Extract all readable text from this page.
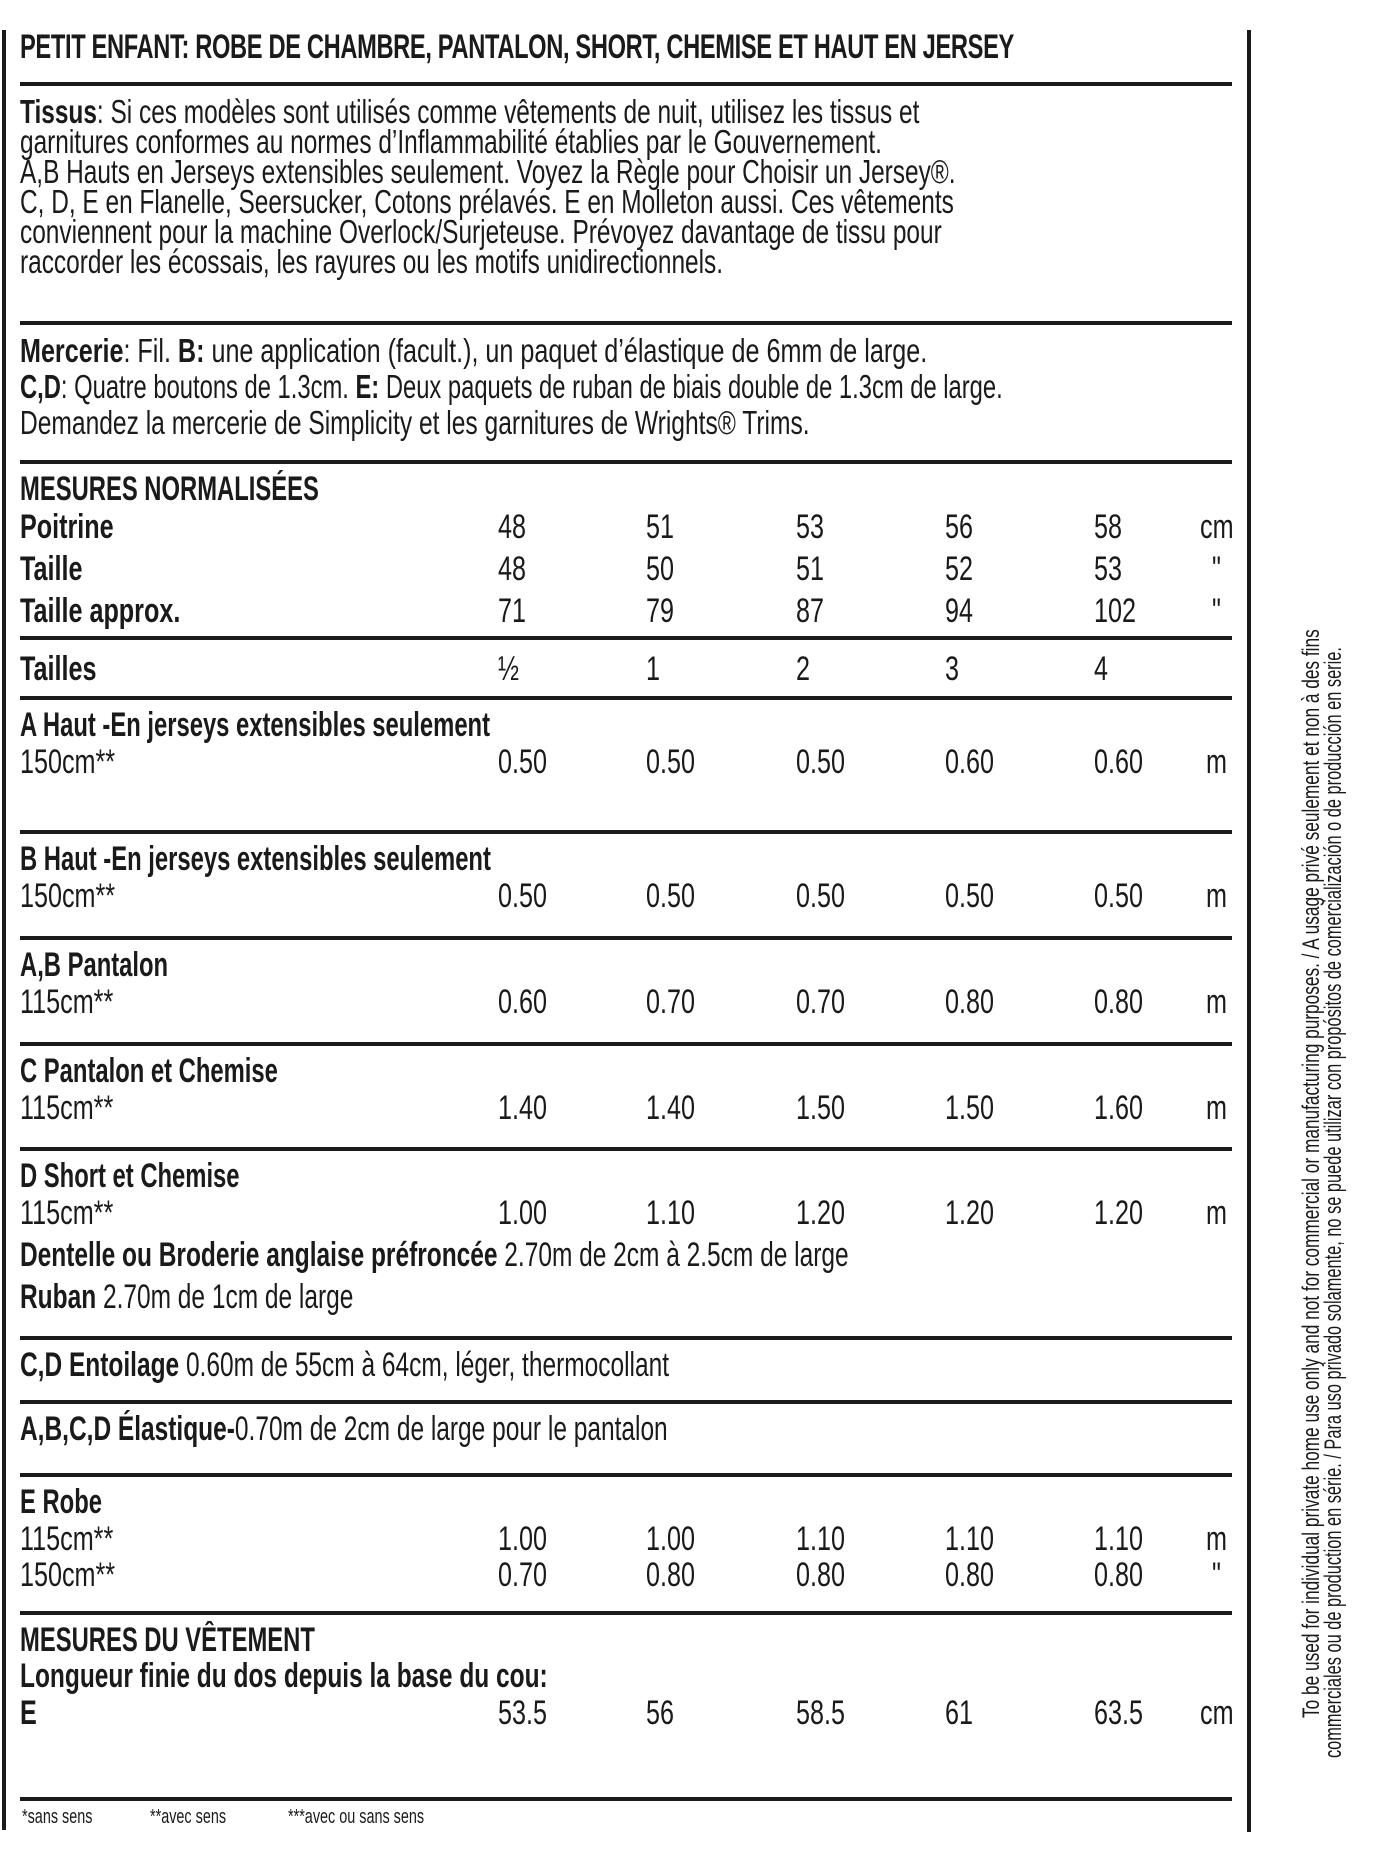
PETIT ENFANT: ROBE DE CHAMBRE, PANTALON, SHORT, CHEMISE ET HAUT EN JERSEY
Tissus: Si ces modèles sont utilisés comme vêtements de nuit, utilisez les tissus et
garnitures conformes au normes d’Inflammabilité établies par le Gouvernement.
A,B Hauts en Jerseys extensibles seulement. Voyez la Règle pour Choisir un Jersey®.
C, D, E en Flanelle, Seersucker, Cotons prélavés. E en Molleton aussi. Ces vêtements
conviennent pour la machine Overlock/Surjeteuse. Prévoyez davantage de tissu pour
raccorder les écossais, les rayures ou les motifs unidirectionnels.
Mercerie: Fil. B: une application (facult.), un paquet d’élastique de 6mm de large.
C,D: Quatre boutons de 1.3cm. E: Deux paquets de ruban de biais double de 1.3cm de large.
Demandez la mercerie de Simplicity et les garnitures de Wrights® Trims.
MESURES NORMALISÉES
Poitrine	48	51	53	56	58 cm
Taille	48	50	51	52	53	"
Taille approx.	71	79	87	94	102 "
Tailles	½	1	2	3	4
A Haut -En jerseys extensibles seulement
150cm**	0.50	0.50	0.50	0.60	0.60 m
B Haut -En jerseys extensibles seulement
150cm**	0.50	0.50	0.50	0.50	0.50 m
A,B Pantalon
115cm**	0.60	0.70	0.70	0.80	0.80 m
C Pantalon et Chemise
115cm**	1.40	1.40	1.50	1.50	1.60 m
D Short et Chemise
115cm**	1.00	1.10	1.20	1.20	1.20 m
Dentelle ou Broderie anglaise préfroncée 2.70m de 2cm à 2.5cm de large
Ruban 2.70m de 1cm de large
C,D Entoilage 0.60m de 55cm à 64cm, léger, thermocollant
A,B,C,D Élastique-0.70m de 2cm de large pour le pantalon
E Robe
115cm**	1.00	1.00	1.10	1.10	1.10 m
150cm**	0.70	0.80	0.80	0.80	0.80 "
MESURES DU VÊTEMENT
Longueur finie du dos depuis la base du cou:
E	53.5	56	58.5	61	63.5 cm
*sans sens	**avec sens	***avec ou sans sens
To be used for individual private home use only and not for commercial or manufacturing purposes. / A usage privé seulement et non à des fins
commerciales ou de production en série. / Para uso privado solamente, no se puede utilizar con propósitos de comercialización o de producción en serie.
